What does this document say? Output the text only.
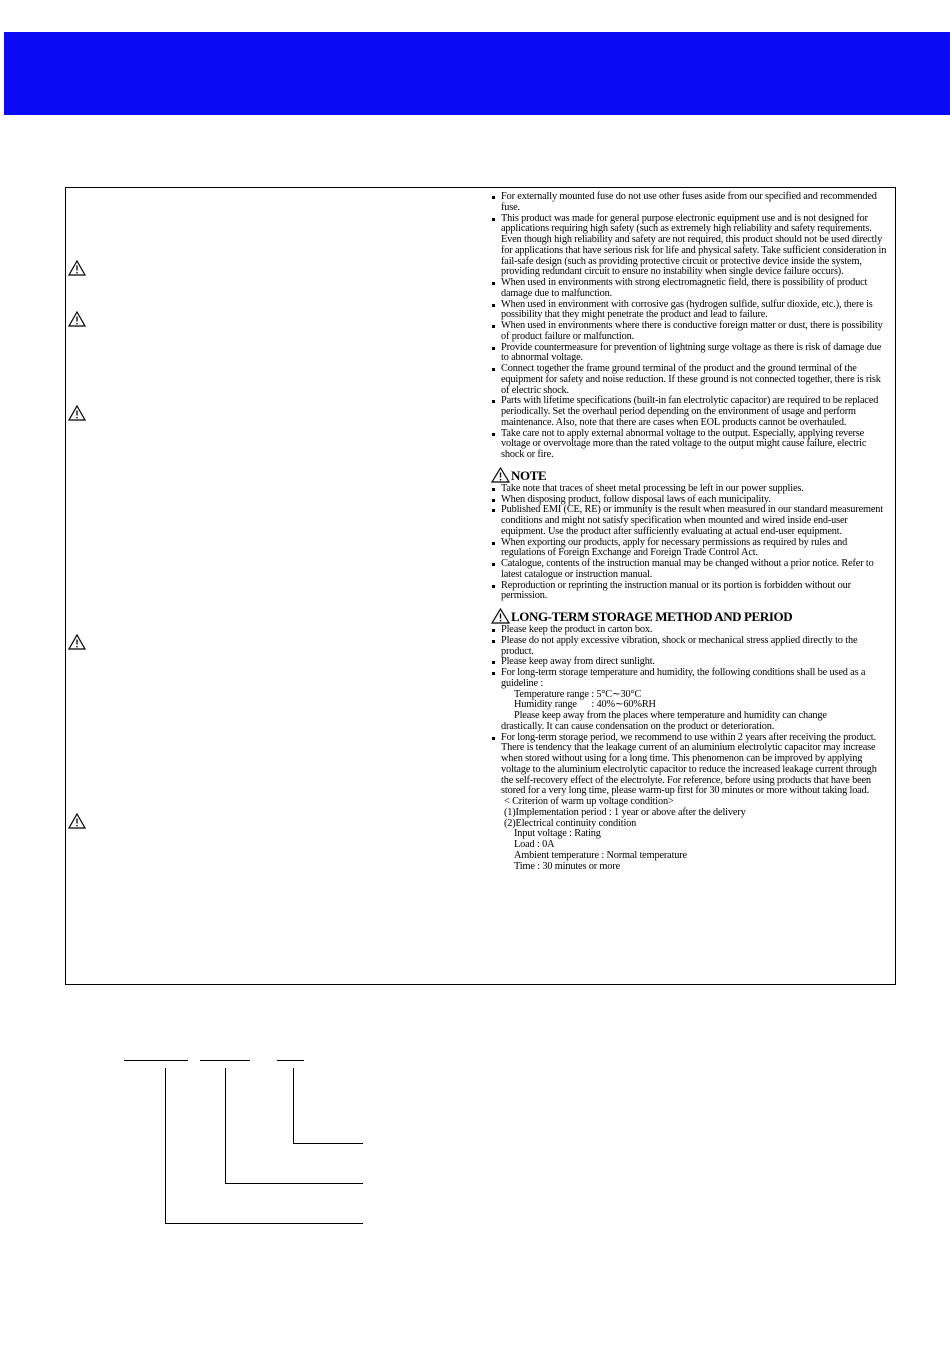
For externally mounted fuse do not use other fuses aside from our specified and recommended fuse.
This product was made for general purpose electronic equipment use and is not designed for applications requiring high safety (such as extremely high reliability and safety requirements. Even though high reliability and safety are not required, this product should not be used directly for applications that have serious risk for life and physical safety. Take sufficient consideration in fail-safe design (such as providing protective circuit or protective device inside the system, providing redundant circuit to ensure no instability when single device failure occurs).
When used in environments with strong electromagnetic field, there is possibility of product damage due to malfunction.
When used in environment with corrosive gas (hydrogen sulfide, sulfur dioxide, etc.), there is possibility that they might penetrate the product and lead to failure.
When used in environments where there is conductive foreign matter or dust, there is possibility of product failure or malfunction.
Provide countermeasure for prevention of lightning surge voltage as there is risk of damage due to abnormal voltage.
Connect together the frame ground terminal of the product and the ground terminal of the equipment for safety and noise reduction. If these ground is not connected together, there is risk of electric shock.
Parts with lifetime specifications (built-in fan electrolytic capacitor) are required to be replaced periodically. Set the overhaul period depending on the environment of usage and perform maintenance. Also, note that there are cases when EOL products cannot be overhauled.
Take care not to apply external abnormal voltage to the output. Especially, applying reverse voltage or overvoltage more than the rated voltage to the output might cause failure, electric shock or fire.
NOTE
Take note that traces of sheet metal processing be left in our power supplies.
When disposing product, follow disposal laws of each municipality.
Published EMI (CE, RE) or immunity is the result when measured in our standard measurement conditions and might not satisfy specification when mounted and wired inside end-user equipment. Use the product after sufficiently evaluating at actual end-user equipment.
When exporting our products, apply for necessary permissions as required by rules and regulations of Foreign Exchange and Foreign Trade Control Act.
Catalogue, contents of the instruction manual may be changed without a prior notice. Refer to latest catalogue or instruction manual.
Reproduction or reprinting the instruction manual or its portion is forbidden without our permission.
LONG-TERM STORAGE METHOD AND PERIOD
Please keep the product in carton box.
Please do not apply excessive vibration, shock or mechanical stress applied directly to the product.
Please keep away from direct sunlight.
For long-term storage temperature and humidity, the following conditions shall be used as a guideline :
Temperature range : 5°C∼30°C
Humidity range      : 40%∼60%RH
Please keep away from the places where temperature and humidity can change
drastically. It can cause condensation on the product or deterioration.
For long-term storage period, we recommend to use within 2 years after receiving the product. There is tendency that the leakage current of an aluminium electrolytic capacitor may increase when stored without using for a long time. This phenomenon can be improved by applying voltage to the aluminium electrolytic capacitor to reduce the increased leakage current through the self-recovery effect of the electrolyte. For reference, before using products that have been stored for a very long time, please warm-up first for 30 minutes or more without taking load.
< Criterion of warm up voltage condition>
(1)Implementation period : 1 year or above after the delivery
(2)Electrical continuity condition
Input voltage : Rating
Load : 0A
Ambient temperature : Normal temperature
Time : 30 minutes or more
